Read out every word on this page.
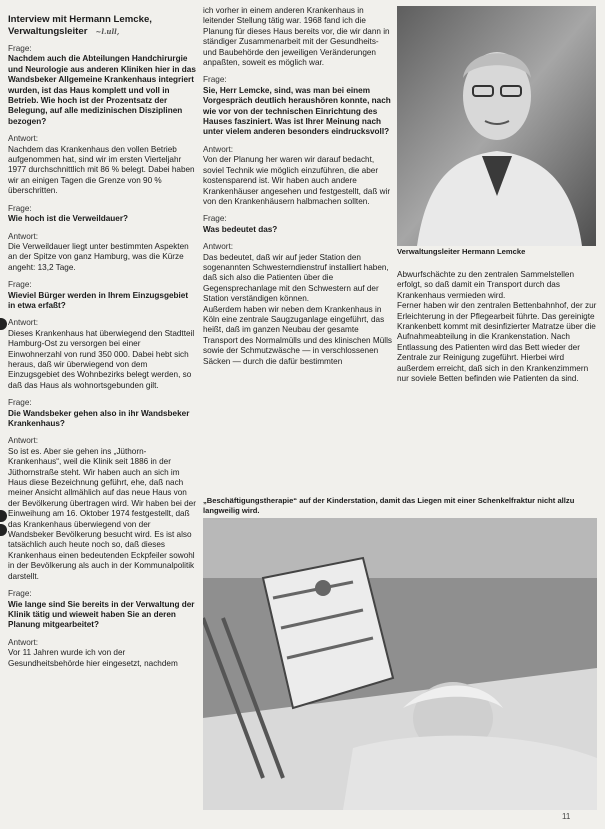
Interview mit Hermann Lemcke, Verwaltungsleiter ~l.ull,

Frage:

Nachdem auch die Abteilungen Handchirurgie und Neurologie aus anderen Kliniken hier in das Wandsbeker Allgemeine Krankenhaus integriert wurden, ist das Haus komplett und voll in Betrieb. Wie hoch ist der Prozentsatz der Belegung, auf alle medizinischen Disziplinen bezogen?

Antwort:

Nachdem das Krankenhaus den vollen Betrieb aufgenommen hat, sind wir im ersten Vierteljahr 1977 durchschnittlich mit 86 % belegt. Dabei haben wir an einigen Tagen die Grenze von 90 % überschritten.

Frage:

Wie hoch ist die Verweildauer?

Antwort:

Die Verweildauer liegt unter bestimmten Aspekten an der Spitze von ganz Hamburg, was die Kürze angeht: 13,2 Tage.

Frage:

Wieviel Bürger werden in Ihrem Einzugsgebiet in etwa erfaßt?

Antwort:

Dieses Krankenhaus hat überwiegend den Stadtteil Hamburg-Ost zu versorgen bei einer Einwohnerzahl von rund 350 000. Dabei hebt sich heraus, daß wir überwiegend von dem Einzugsgebiet des Wohnbezirks belegt werden, so daß das Haus als wohnortsgebunden gilt.

Frage:

Die Wandsbeker gehen also in ihr Wandsbeker Krankenhaus?

Antwort:

So ist es. Aber sie gehen ins „Jüthorn-Krankenhaus“, weil die Klinik seit 1886 in der Jüthornstraße steht. Wir haben auch an sich im Haus diese Bezeichnung geführt, ehe, daß nach meiner Ansicht allmählich auf das neue Haus von der Bevölkerung übertragen wird. Wir haben bei der Einweihung am 16. Oktober 1974 festgestellt, daß das Krankenhaus überwiegend von der Wandsbeker Bevölkerung besucht wird. Es ist also tatsächlich auch heute noch so, daß dieses Krankenhaus einen bedeutenden Eckpfeiler sowohl in der Bevölkerung als auch in der Kommunalpolitik darstellt.

Frage:

Wie lange sind Sie bereits in der Verwaltung der Klinik tätig und wieweit haben Sie an deren Planung mitgearbeitet?

Antwort:

Vor 11 Jahren wurde ich von der Gesundheitsbehörde hier eingesetzt, nachdem

ich vorher in einem anderen Krankenhaus in leitender Stellung tätig war. 1968 fand ich die Planung für dieses Haus bereits vor, die wir dann in ständiger Zusammenarbeit mit der Gesundheits- und Baubehörde den jeweiligen Veränderungen anpaßten, soweit es möglich war.

Frage:

Sie, Herr Lemcke, sind, was man bei einem Vorgespräch deutlich heraushören konnte, nach wie vor von der technischen Einrichtung des Hauses fasziniert. Was ist Ihrer Meinung nach unter vielem anderen besonders eindrucksvoll?

Antwort:

Von der Planung her waren wir darauf bedacht, soviel Technik wie möglich einzuführen, die aber kostensparend ist. Wir haben auch andere Krankenhäuser angesehen und festgestellt, daß wir von den Krankenhäusern halbmachen sollten.

Frage:

Was bedeutet das?

Antwort:

Das bedeutet, daß wir auf jeder Station den sogenannten Schwesterndienstruf installiert haben, daß sich also die Patienten über die Gegensprechanlage mit den Schwestern auf der Station verständigen können.

Außerdem haben wir neben dem Krankenhaus in Köln eine zentrale Saugzuganlage eingeführt, das heißt, daß im ganzen Neubau der gesamte Transport des Normalmülls und des klinischen Mülls sowie der Schmutzwäsche — in verschlossenen Säcken — durch die dafür bestimmten

Verwaltungsleiter Hermann Lemcke

Abwurfschächte zu den zentralen Sammelstellen erfolgt, so daß damit ein Transport durch das Krankenhaus vermieden wird.

Ferner haben wir den zentralen Bettenbahnhof, der zur Erleichterung in der Pflegearbeit führte. Das gereinigte Krankenbett kommt mit desinfizierter Matratze über die Aufnahmeabteilung in die Krankenstation. Nach Entlassung des Patienten wird das Bett wieder der Zentrale zur Reinigung zugeführt. Hierbei wird außerdem erreicht, daß sich in den Krankenzimmern nur soviele Betten befinden wie Patienten da sind.

„Beschäftigungstherapie“ auf der Kinderstation, damit das Liegen mit einer Schenkelfraktur nicht allzu langweilig wird.
11
